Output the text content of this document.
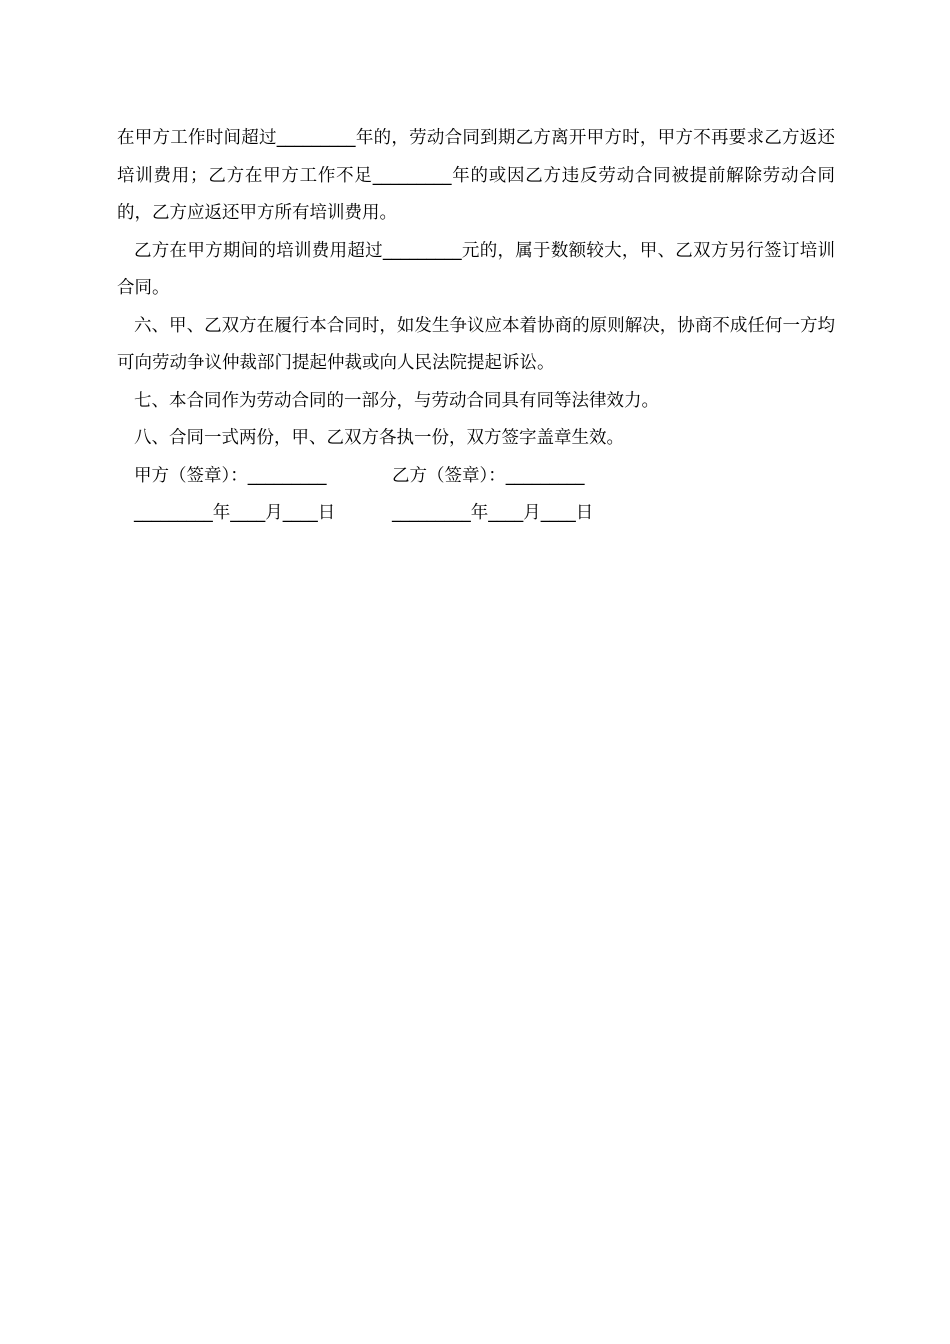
在甲方工作时间超过_________年的，劳动合同到期乙方离开甲方时，甲方不再要求乙方返还培训费用；乙方在甲方工作不足_________年的或因乙方违反劳动合同被提前解除劳动合同的，乙方应返还甲方所有培训费用。

乙方在甲方期间的培训费用超过_________元的，属于数额较大，甲、乙双方另行签订培训合同。

六、甲、乙双方在履行本合同时，如发生争议应本着协商的原则解决，协商不成任何一方均可向劳动争议仲裁部门提起仲裁或向人民法院提起诉讼。

七、本合同作为劳动合同的一部分，与劳动合同具有同等法律效力。

八、合同一式两份，甲、乙双方各执一份，双方签字盖章生效。

甲方（签章）：_________	乙方（签章）：_________
_________年____月____日	_________年____月____日
